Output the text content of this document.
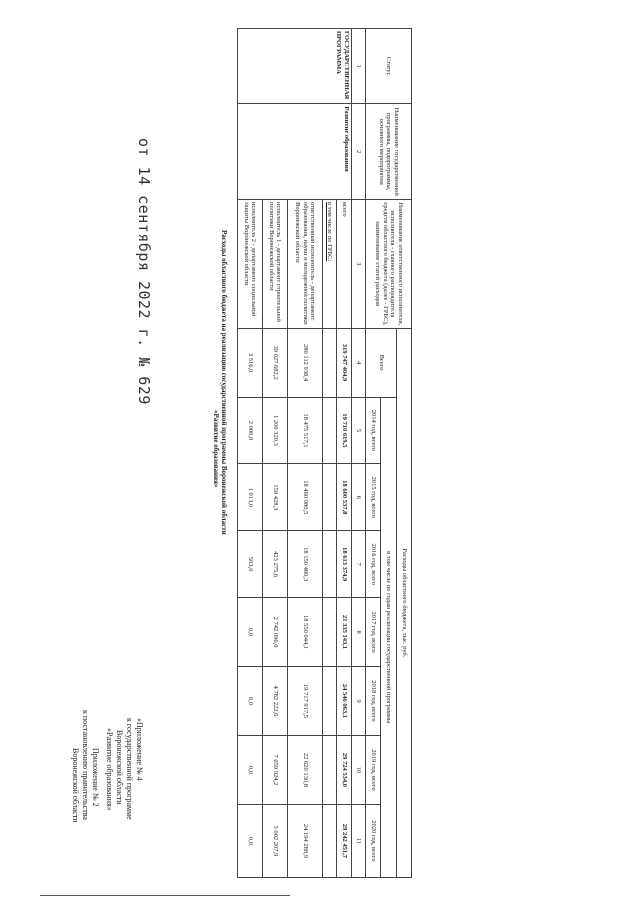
Приложение № 2
к постановлению правительства
Воронежской области
от 14 сентября 2022 г. № 629
«Приложение № 4
к государственной программе
Воронежской области
«Развитие образования»
Расходы областного бюджета на реализацию государственной программы Воронежской области
«Развитие образования»
Статус	Наименование государственной программы, подпрограммы, основного мероприятия	Наименование ответственного исполнителя, исполнителя - главного распорядителя средств областного бюджета (далее - ГРБС), наименование статей расходов	Расходы областного бюджета, тыс. руб.							
			Всего	в том числе по годам реализации государственной программы						
				2014 год, всего	2015 год, всего	2016 год, всего	2017 год, всего	2018 год, всего	2019 год, всего	2020 год, всего
1	2	3	4	5	6	7	8	9	10	11
ГОСУДАРСТВЕННАЯ ПРОГРАММА	Развитие образования	всего	319 747 404,9	19 710 619,5	18 600 537,8	18 613 374,9	21 335 143,1	24 546 063,1	29 724 534,0	29 242 451,7
		в том числе по ГРБС:								
		ответственный исполнитель - департамент образования, науки и молодежной политики Воронежской области	280 112 938,4	18 475 517,1	18 460 980,5	18 150 480,3	18 550 044,1	19 717 917,5	22 620 130,8	24 194 288,9
		исполнитель 1 - департамент строительной политики Воронежской области	39 027 682,2	1 200 320,3	159 428,3	423 275,6	2 742 096,0	4 782 222,6	7 059 924,2	5 002 207,9
		исполнитель 2 - департамент социальной защиты Воронежской области	3 516,0	2 000,0	1 013,0	503,0	0,0	0,0	0,0	0,0
